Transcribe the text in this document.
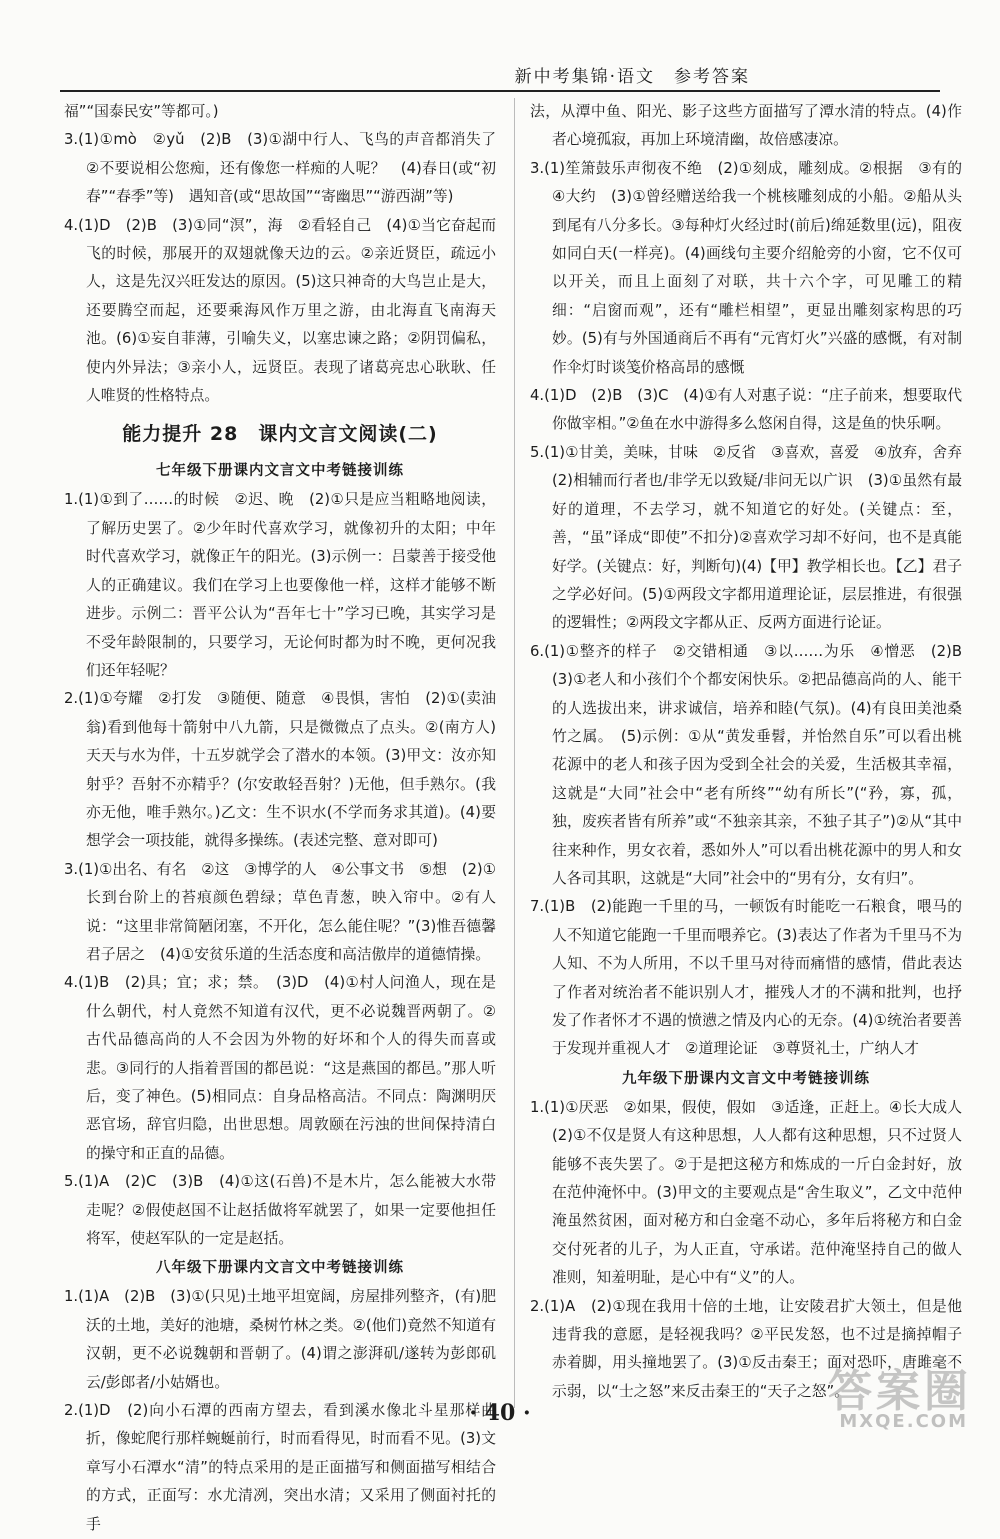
新中考集锦·语文　参考答案

福”“国泰民安”等都可。)

3.(1)①mò　②yǔ　(2)B　(3)①湖中行人、飞鸟的声音都消失了　②不要说相公您痴，还有像您一样痴的人呢？　(4)春日(或“初春”“春季”等)　遇知音(或“思故国”“寄幽思”“游西湖”等)

4.(1)D　(2)B　(3)①同“溟”，海　②看轻自己　(4)①当它奋起而飞的时候，那展开的双翅就像天边的云。②亲近贤臣，疏远小人，这是先汉兴旺发达的原因。(5)这只神奇的大鸟岂止是大，还要腾空而起，还要乘海风作万里之游，由北海直飞南海天池。(6)①妄自菲薄，引喻失义，以塞忠谏之路；②阴罚偏私，使内外异法；③亲小人，远贤臣。表现了诸葛亮忠心耿耿、任人唯贤的性格特点。

能力提升 28　课内文言文阅读(二)
七年级下册课内文言文中考链接训练

1.(1)①到了……的时候　②迟、晚　(2)①只是应当粗略地阅读，了解历史罢了。②少年时代喜欢学习，就像初升的太阳；中年时代喜欢学习，就像正午的阳光。(3)示例一：吕蒙善于接受他人的正确建议。我们在学习上也要像他一样，这样才能够不断进步。示例二：晋平公认为“吾年七十”学习已晚，其实学习是不受年龄限制的，只要学习，无论何时都为时不晚，更何况我们还年轻呢？

2.(1)①夸耀　②打发　③随便、随意　④畏惧，害怕　(2)①(卖油翁)看到他每十箭射中八九箭，只是微微点了点头。②(南方人)天天与水为伴，十五岁就学会了潜水的本领。(3)甲文：汝亦知射乎？吾射不亦精乎？(尔安敢轻吾射？)无他，但手熟尔。(我亦无他，唯手熟尔。)乙文：生不识水(不学而务求其道)。(4)要想学会一项技能，就得多操练。(表述完整、意对即可)

3.(1)①出名、有名　②这　③博学的人　④公事文书　⑤想　(2)①长到台阶上的苔痕颜色碧绿；草色青葱，映入帘中。②有人说：“这里非常简陋闭塞，不开化，怎么能住呢？”(3)惟吾德馨　君子居之　(4)①安贫乐道的生活态度和高洁傲岸的道德情操。

4.(1)B　(2)具；宜；求；禁。　(3)D　(4)①村人问渔人，现在是什么朝代，村人竟然不知道有汉代，更不必说魏晋两朝了。②古代品德高尚的人不会因为外物的好坏和个人的得失而喜或悲。③同行的人指着晋国的都邑说：“这是燕国的都邑。”那人听后，变了神色。(5)相同点：自身品格高洁。不同点：陶渊明厌恶官场，辞官归隐，出世思想。周敦颐在污浊的世间保持清白的操守和正直的品德。

5.(1)A　(2)C　(3)B　(4)①这(石兽)不是木片，怎么能被大水带走呢？②假使赵国不让赵括做将军就罢了，如果一定要他担任将军，使赵军队的一定是赵括。

八年级下册课内文言文中考链接训练

1.(1)A　(2)B　(3)①(只见)土地平坦宽阔，房屋排列整齐，(有)肥沃的土地，美好的池塘，桑树竹林之类。②(他们)竟然不知道有汉朝，更不必说魏朝和晋朝了。(4)谓之澎湃矶/遂转为彭郎矶云/彭郎者/小姑婿也。

2.(1)D　(2)向小石潭的西南方望去，看到溪水像北斗星那样曲折，像蛇爬行那样蜿蜒前行，时而看得见，时而看不见。(3)文章写小石潭水“清”的特点采用的是正面描写和侧面描写相结合的方式，正面写：水尤清冽，突出水清；又采用了侧面衬托的手

法，从潭中鱼、阳光、影子这些方面描写了潭水清的特点。(4)作者心境孤寂，再加上环境清幽，故倍感凄凉。

3.(1)笙箫鼓乐声彻夜不绝　(2)①刻成，雕刻成。②根据　③有的　④大约　(3)①曾经赠送给我一个桃核雕刻成的小船。②船从头到尾有八分多长。③每种灯火经过时(前后)绵延数里(远)，阻夜如同白天(一样亮)。(4)画线句主要介绍舱旁的小窗，它不仅可以开关，而且上面刻了对联，共十六个字，可见雕工的精细：“启窗而观”，还有“雕栏相望”，更显出雕刻家构思的巧妙。(5)有与外国通商后不再有“元宵灯火”兴盛的感慨，有对制作伞灯时谈笺价格高昂的感慨

4.(1)D　(2)B　(3)C　(4)①有人对惠子说：“庄子前来，想要取代你做宰相。”②鱼在水中游得多么悠闲自得，这是鱼的快乐啊。

5.(1)①甘美，美味，甘味　②反省　③喜欢，喜爱　④放弃，舍弃　(2)相辅而行者也/非学无以致疑/非问无以广识　(3)①虽然有最好的道理，不去学习，就不知道它的好处。(关键点：至，善，“虽”译成“即使”不扣分)②喜欢学习却不好问，也不是真能好学。(关键点：好，判断句)(4)【甲】教学相长也。【乙】君子之学必好问。(5)①两段文字都用道理论证，层层推进，有很强的逻辑性；②两段文字都从正、反两方面进行论证。

6.(1)①整齐的样子　②交错相通　③以……为乐　④憎恶　(2)B　(3)①老人和小孩们个个都安闲快乐。②把品德高尚的人、能干的人选拔出来，讲求诚信，培养和睦(气氛)。(4)有良田美池桑竹之属。　(5)示例：①从“黄发垂髫，并怡然自乐”可以看出桃花源中的老人和孩子因为受到全社会的关爱，生活极其幸福，这就是“大同”社会中“老有所终”“幼有所长”(“矜，寡，孤，独，废疾者皆有所养”或“不独亲其亲，不独子其子”)②从“其中往来种作，男女衣着，悉如外人”可以看出桃花源中的男人和女人各司其职，这就是“大同”社会中的“男有分，女有归”。

7.(1)B　(2)能跑一千里的马，一顿饭有时能吃一石粮食，喂马的人不知道它能跑一千里而喂养它。(3)表达了作者为千里马不为人知、不为人所用，不以千里马对待而痛惜的感情，借此表达了作者对统治者不能识别人才，摧残人才的不满和批判，也抒发了作者怀才不遇的愤懑之情及内心的无奈。(4)①统治者要善于发现并重视人才　②道理论证　③尊贤礼士，广纳人才

九年级下册课内文言文中考链接训练

1.(1)①厌恶　②如果，假使，假如　③适逢，正赶上。④长大成人　(2)①不仅是贤人有这种思想，人人都有这种思想，只不过贤人能够不丧失罢了。②于是把这秘方和炼成的一斤白金封好，放在范仲淹怀中。(3)甲文的主要观点是“舍生取义”，乙文中范仲淹虽然贫困，面对秘方和白金毫不动心，多年后将秘方和白金交付死者的儿子，为人正直，守承诺。范仲淹坚持自己的做人准则，知羞明耻，是心中有“义”的人。

2.(1)A　(2)①现在我用十倍的土地，让安陵君扩大领土，但是他违背我的意愿，是轻视我吗？②平民发怒，也不过是摘掉帽子赤着脚，用头撞地罢了。(3)①反击秦王；面对恐吓，唐雎毫不示弱，以“士之怒”来反击秦王的“天子之怒”。

· 40 ·	答案圈
MXQE.COM
